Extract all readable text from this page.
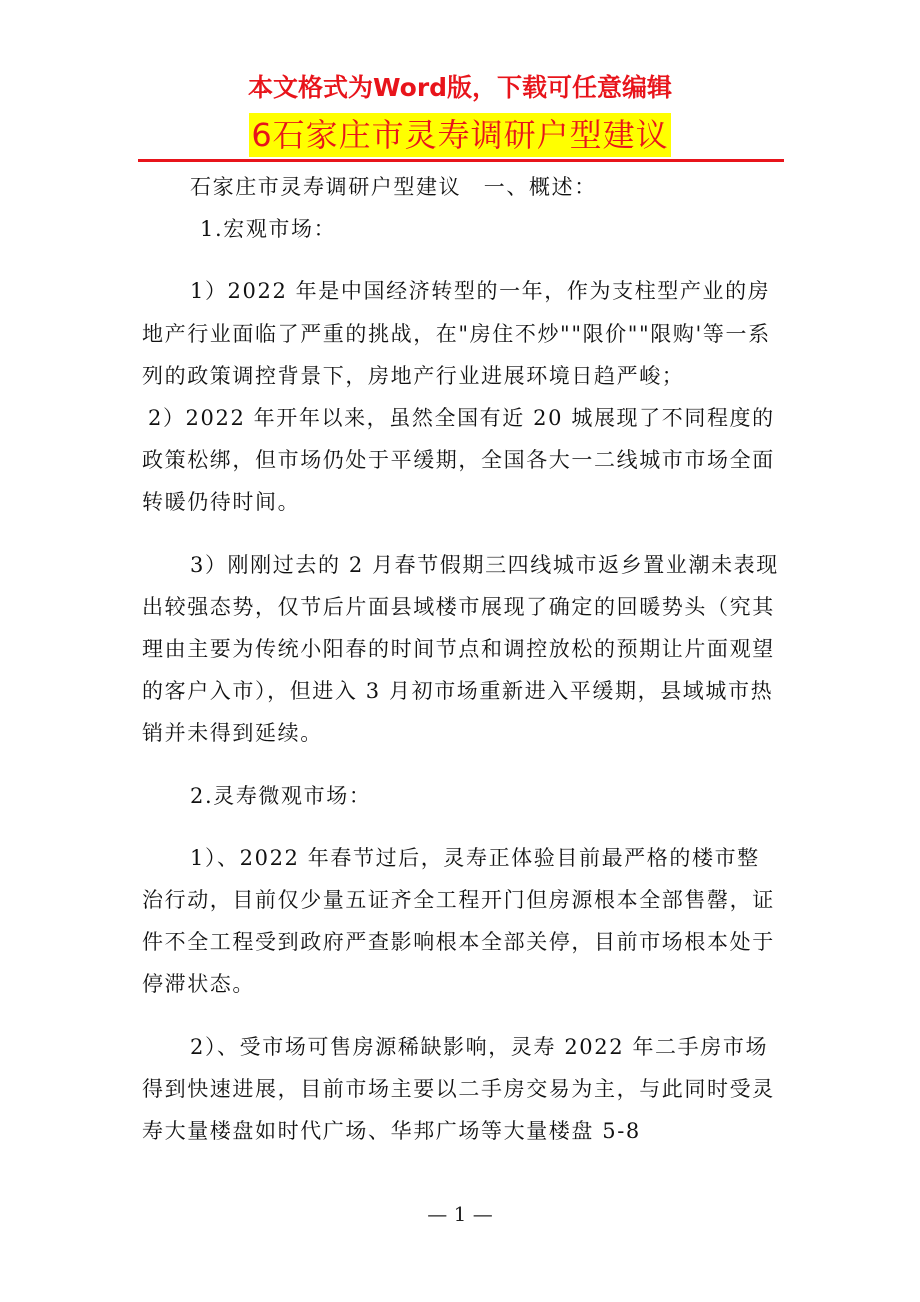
本文格式为Word版，下载可任意编辑
6石家庄市灵寿调研户型建议

石家庄市灵寿调研户型建议　一、概述：

1.宏观市场：

1）2022 年是中国经济转型的一年，作为支柱型产业的房地产行业面临了严重的挑战，在"房住不炒""限价""限购'等一系列的政策调控背景下，房地产行业进展环境日趋严峻；

2）2022 年开年以来，虽然全国有近 20 城展现了不同程度的政策松绑，但市场仍处于平缓期，全国各大一二线城市市场全面转暖仍待时间。

3）刚刚过去的 2 月春节假期三四线城市返乡置业潮未表现出较强态势，仅节后片面县域楼市展现了确定的回暖势头（究其理由主要为传统小阳春的时间节点和调控放松的预期让片面观望的客户入市），但进入 3 月初市场重新进入平缓期，县域城市热销并未得到延续。

2.灵寿微观市场：

1）、2022 年春节过后，灵寿正体验目前最严格的楼市整治行动，目前仅少量五证齐全工程开门但房源根本全部售罄，证件不全工程受到政府严查影响根本全部关停，目前市场根本处于停滞状态。

2）、受市场可售房源稀缺影响，灵寿 2022 年二手房市场得到快速进展，目前市场主要以二手房交易为主，与此同时受灵寿大量楼盘如时代广场、华邦广场等大量楼盘 5-8

— 1 —
